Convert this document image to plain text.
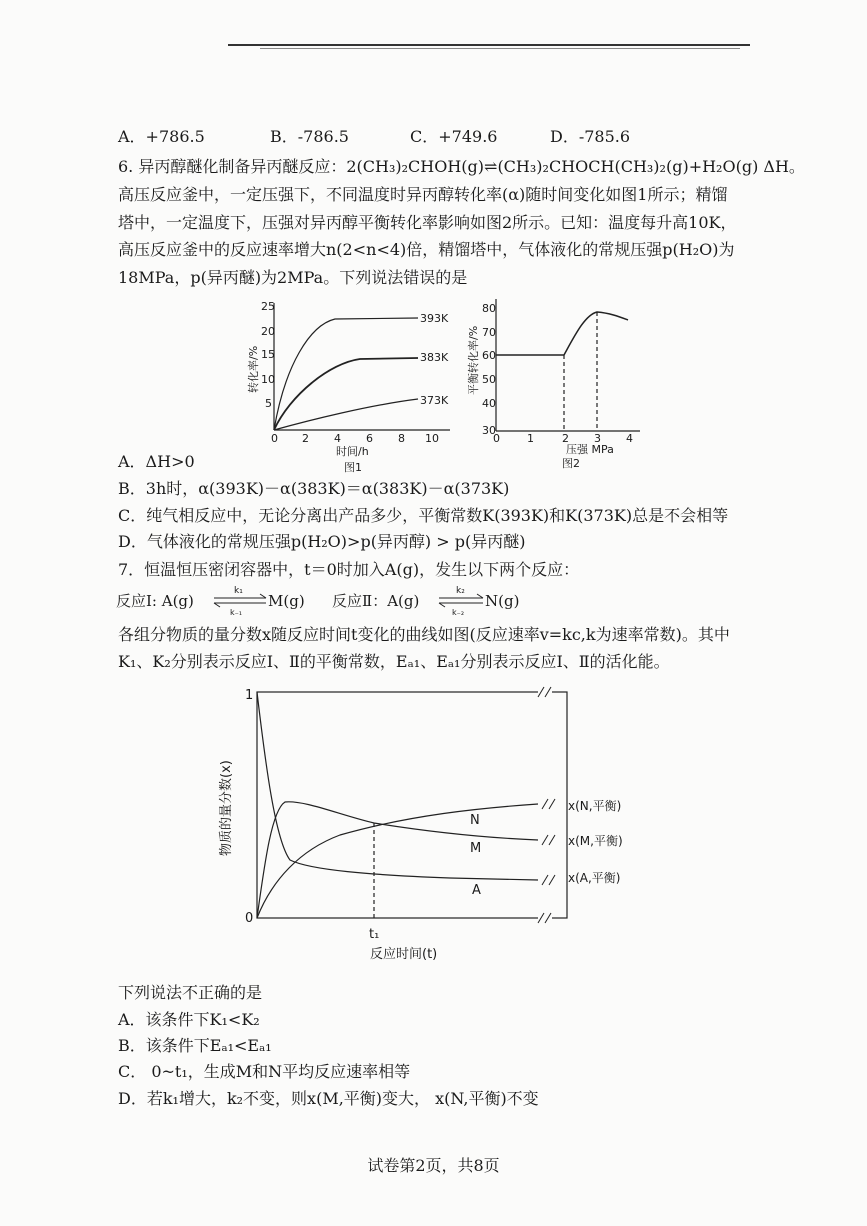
A．+786.5	B．-786.5	C．+749.6	D．-785.6
6. 异丙醇醚化制备异丙醚反应：2(CH₃)₂CHOH(g)⇌(CH₃)₂CHOCH(CH₃)₂(g)+H₂O(g) ΔH。
高压反应釜中，一定压强下，不同温度时异丙醇转化率(α)随时间变化如图1所示；精馏
塔中，一定温度下，压强对异丙醇平衡转化率影响如图2所示。已知：温度每升高10K，
高压反应釜中的反应速率增大n(2<n<4)倍，精馏塔中，气体液化的常规压强p(H₂O)为
18MPa，p(异丙醚)为2MPa。下列说法错误的是
25
20
15
10
5
0 2 4 6 8 10
时间/h
图1
转化率/%
393K
383K
373K
80
70
60
50
40
30
0 1	2 3 4
压强 MPa
图2
平衡转化率/%
A．ΔH>0
B．3h时，α(393K)－α(383K)＝α(383K)－α(373K)
C．纯气相反应中，无论分离出产品多少，平衡常数K(393K)和K(373K)总是不会相等
D．气体液化的常规压强p(H₂O)>p(异丙醇) > p(异丙醚)
7．恒温恒压密闭容器中，t＝0时加入A(g)，发生以下两个反应：
反应Ⅰ: A(g)
k₁
k₋₁
M(g) 反应Ⅱ：A(g)
k₂
k₋₂
N(g)
各组分物质的量分数x随反应时间t变化的曲线如图(反应速率v=kc,k为速率常数)。其中
K₁、K₂分别表示反应Ⅰ、Ⅱ的平衡常数，Eₐ₁、Eₐ₁分别表示反应Ⅰ、Ⅱ的活化能。
1
0
物质的量分数(x)	N
M
A
x(N,平衡)
x(M,平衡)
x(A,平衡)
t₁
反应时间(t)
下列说法不正确的是
A．该条件下K₁<K₂
B．该条件下Eₐ₁<Eₐ₁
C． 0~t₁，生成M和N平均反应速率相等
D．若k₁增大，k₂不变，则x(M,平衡)变大， x(N,平衡)不变
试卷第2页，共8页
